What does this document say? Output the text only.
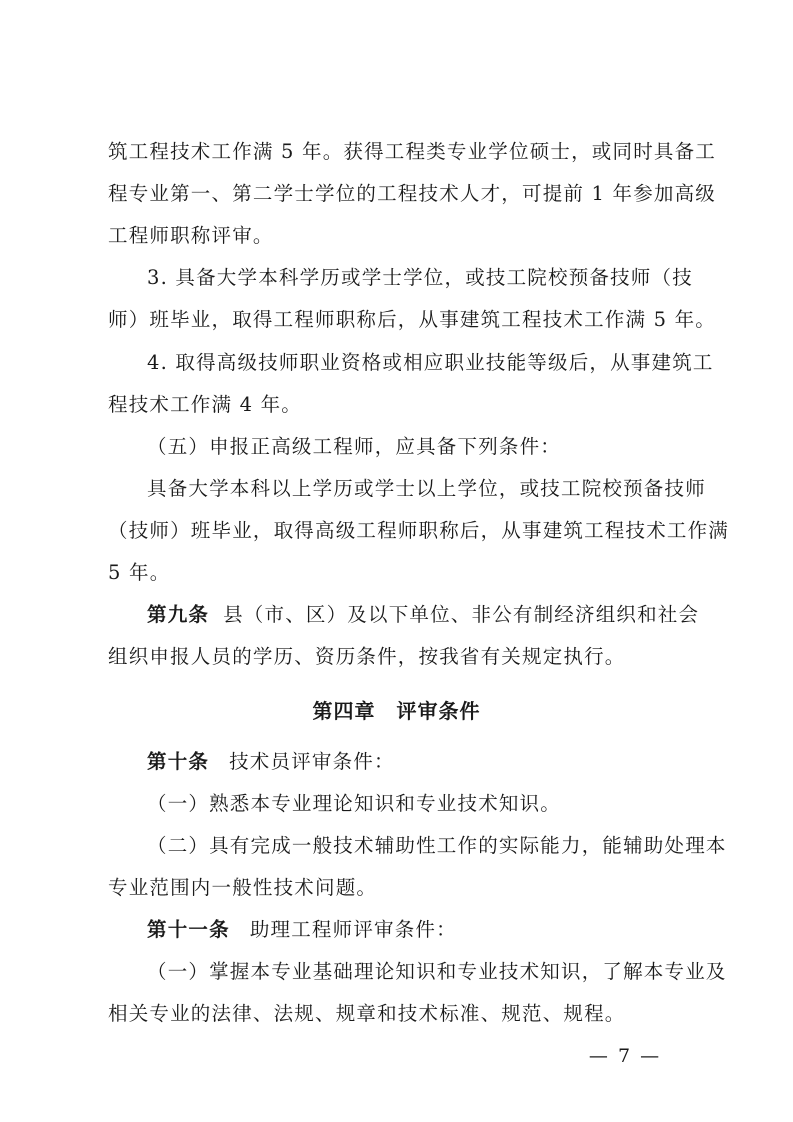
筑工程技术工作满 5 年。获得工程类专业学位硕士，或同时具备工
程专业第一、第二学士学位的工程技术人才，可提前 1 年参加高级
工程师职称评审。
3. 具备大学本科学历或学士学位，或技工院校预备技师（技
师）班毕业，取得工程师职称后，从事建筑工程技术工作满 5 年。
4. 取得高级技师职业资格或相应职业技能等级后，从事建筑工
程技术工作满 4 年。
（五）申报正高级工程师，应具备下列条件：
具备大学本科以上学历或学士以上学位，或技工院校预备技师
（技师）班毕业，取得高级工程师职称后，从事建筑工程技术工作满
5 年。
第九条 县（市、区）及以下单位、非公有制经济组织和社会
组织申报人员的学历、资历条件，按我省有关规定执行。
第四章　评审条件
第十条 技术员评审条件：
（一）熟悉本专业理论知识和专业技术知识。
（二）具有完成一般技术辅助性工作的实际能力，能辅助处理本
专业范围内一般性技术问题。
第十一条 助理工程师评审条件：
（一）掌握本专业基础理论知识和专业技术知识，了解本专业及
相关专业的法律、法规、规章和技术标准、规范、规程。
— 7 —
